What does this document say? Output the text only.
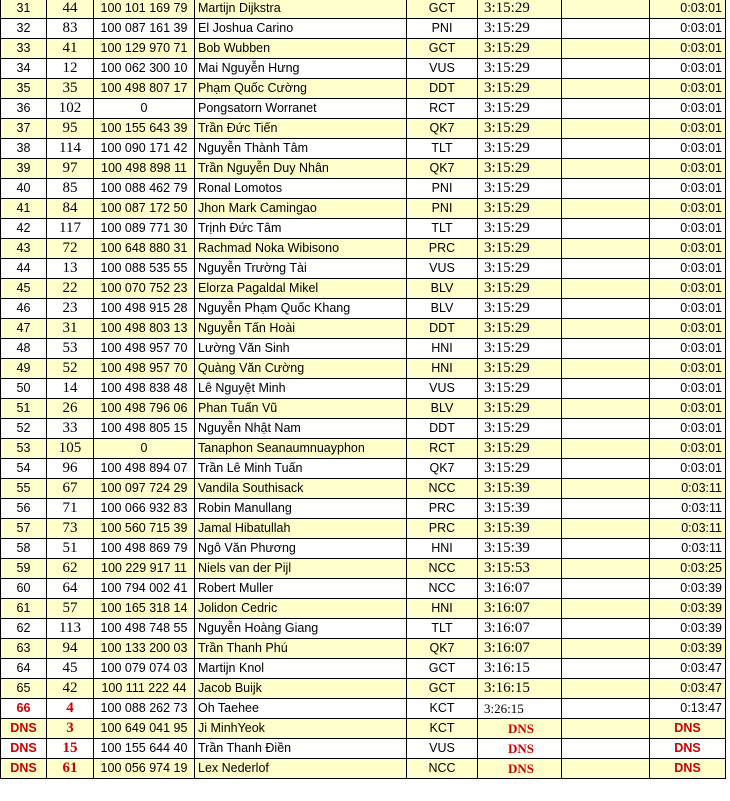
31	44	100 101 169 79	Martijn Dijkstra	GCT	3:15:29		0:03:01
32	83	100 087 161 39	El Joshua Carino	PNI	3:15:29		0:03:01
33	41	100 129 970 71	Bob Wubben	GCT	3:15:29		0:03:01
34	12	100 062 300 10	Mai Nguyễn Hưng	VUS	3:15:29		0:03:01
35	35	100 498 807 17	Phạm Quốc Cường	DDT	3:15:29		0:03:01
36	102	0	Pongsatorn Worranet	RCT	3:15:29		0:03:01
37	95	100 155 643 39	Trần Đức Tiến	QK7	3:15:29		0:03:01
38	114	100 090 171 42	Nguyễn Thành Tâm	TLT	3:15:29		0:03:01
39	97	100 498 898 11	Trần Nguyễn Duy Nhân	QK7	3:15:29		0:03:01
40	85	100 088 462 79	Ronal Lomotos	PNI	3:15:29		0:03:01
41	84	100 087 172 50	Jhon Mark Camingao	PNI	3:15:29		0:03:01
42	117	100 089 771 30	Trịnh Đức Tâm	TLT	3:15:29		0:03:01
43	72	100 648 880 31	Rachmad Noka Wibisono	PRC	3:15:29		0:03:01
44	13	100 088 535 55	Nguyễn Trường Tài	VUS	3:15:29		0:03:01
45	22	100 070 752 23	Elorza Pagaldal Mikel	BLV	3:15:29		0:03:01
46	23	100 498 915 28	Nguyễn Phạm Quốc Khang	BLV	3:15:29		0:03:01
47	31	100 498 803 13	Nguyễn Tấn Hoài	DDT	3:15:29		0:03:01
48	53	100 498 957 70	Lường Văn Sinh	HNI	3:15:29		0:03:01
49	52	100 498 957 70	Quàng Văn Cường	HNI	3:15:29		0:03:01
50	14	100 498 838 48	Lê Nguyệt Minh	VUS	3:15:29		0:03:01
51	26	100 498 796 06	Phan Tuấn Vũ	BLV	3:15:29		0:03:01
52	33	100 498 805 15	Nguyễn Nhật Nam	DDT	3:15:29		0:03:01
53	105	0	Tanaphon Seanaumnuayphon	RCT	3:15:29		0:03:01
54	96	100 498 894 07	Trần Lê Minh Tuấn	QK7	3:15:29		0:03:01
55	67	100 097 724 29	Vandila Southisack	NCC	3:15:39		0:03:11
56	71	100 066 932 83	Robin Manullang	PRC	3:15:39		0:03:11
57	73	100 560 715 39	Jamal Hibatullah	PRC	3:15:39		0:03:11
58	51	100 498 869 79	Ngô Văn Phương	HNI	3:15:39		0:03:11
59	62	100 229 917 11	Niels van der Pijl	NCC	3:15:53		0:03:25
60	64	100 794 002 41	Robert Muller	NCC	3:16:07		0:03:39
61	57	100 165 318 14	Jolidon Cedric	HNI	3:16:07		0:03:39
62	113	100 498 748 55	Nguyễn Hoàng Giang	TLT	3:16:07		0:03:39
63	94	100 133 200 03	Trần Thanh Phú	QK7	3:16:07		0:03:39
64	45	100 079 074 03	Martijn Knol	GCT	3:16:15		0:03:47
65	42	100 111 222 44	Jacob Buijk	GCT	3:16:15		0:03:47
66	4	100 088 262 73	Oh Taehee	KCT	3:26:15		0:13:47
DNS	3	100 649 041 95	Ji MinhYeok	KCT	DNS		DNS
DNS	15	100 155 644 40	Trần Thanh Điền	VUS	DNS		DNS
DNS	61	100 056 974 19	Lex Nederlof	NCC	DNS		DNS
